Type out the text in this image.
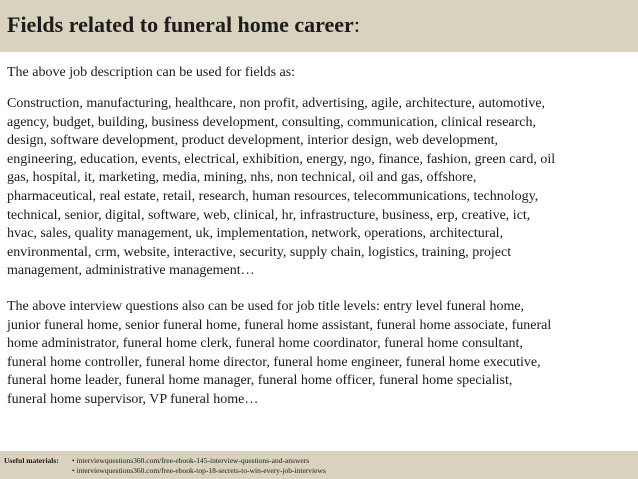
Fields related to funeral home career:
The above job description can be used for fields as:
Construction, manufacturing, healthcare, non profit, advertising, agile, architecture, automotive,
agency, budget, building, business development, consulting, communication, clinical research,
design, software development, product development, interior design, web development,
engineering, education, events, electrical, exhibition, energy, ngo, finance, fashion, green card, oil
gas, hospital, it, marketing, media, mining, nhs, non technical, oil and gas, offshore,
pharmaceutical, real estate, retail, research, human resources, telecommunications, technology,
technical, senior, digital, software, web, clinical, hr, infrastructure, business, erp, creative, ict,
hvac, sales, quality management, uk, implementation, network, operations, architectural,
environmental, crm, website, interactive, security, supply chain, logistics, training, project
management, administrative management…
The above interview questions also can be used for job title levels: entry level funeral home,
junior funeral home, senior funeral home, funeral home assistant, funeral home associate, funeral
home administrator, funeral home clerk, funeral home coordinator, funeral home consultant,
funeral home controller, funeral home director, funeral home engineer, funeral home executive,
funeral home leader, funeral home manager, funeral home officer, funeral home specialist,
funeral home supervisor, VP funeral home…
Useful materials: • interviewquestions360.com/free-ebook-145-interview-questions-and-answers
• interviewquestions360.com/free-ebook-top-18-secrets-to-win-every-job-interviews
